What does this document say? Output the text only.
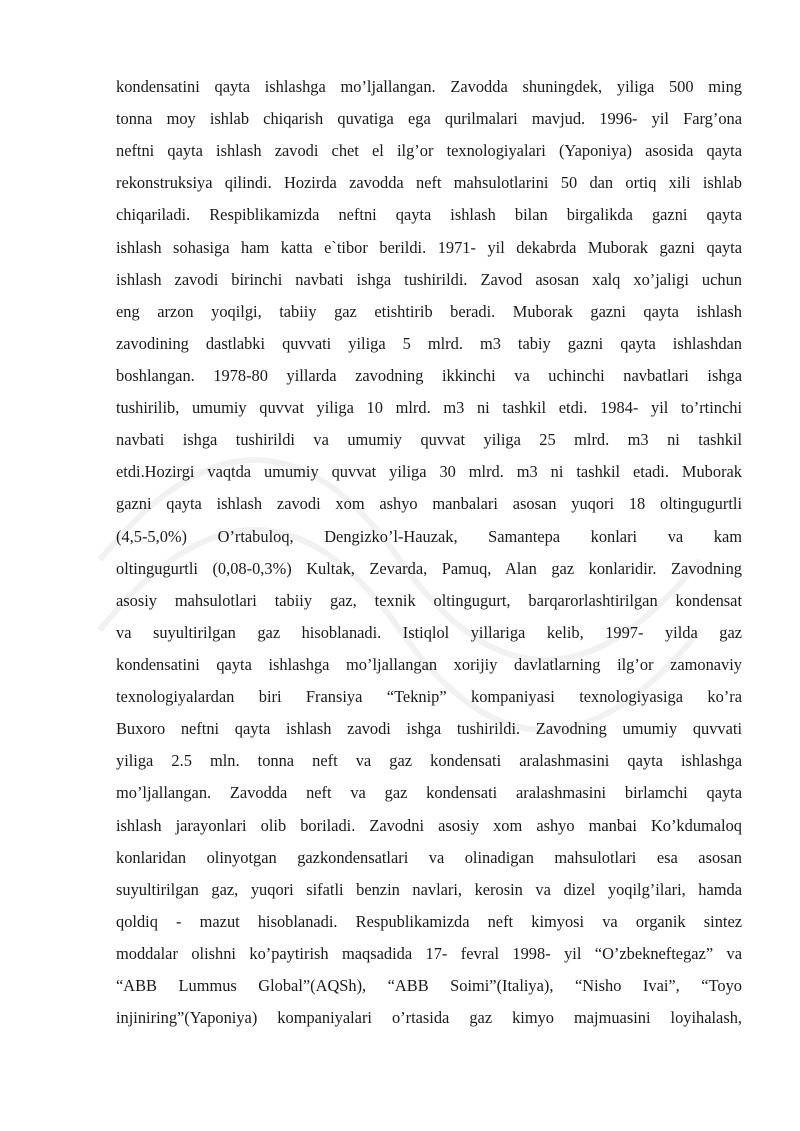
kondensatini qayta ishlashga mo’ljallangan. Zavodda shuningdek, yiliga 500 ming
tonna moy ishlab chiqarish quvatiga ega qurilmalari mavjud. 1996- yil Farg’ona
neftni qayta ishlash zavodi chet el ilg’or texnologiyalari (Yaponiya) asosida qayta
rekonstruksiya qilindi. Hozirda zavodda neft mahsulotlarini 50 dan ortiq xili ishlab
chiqariladi. Respiblikamizda neftni qayta ishlash bilan birgalikda gazni qayta
ishlash sohasiga ham katta e`tibor berildi. 1971- yil dekabrda Muborak gazni qayta
ishlash zavodi birinchi navbati ishga tushirildi. Zavod asosan xalq xo’jaligi uchun
eng arzon yoqilgi, tabiiy gaz etishtirib beradi. Muborak gazni qayta ishlash
zavodining dastlabki quvvati yiliga 5 mlrd. m3 tabiy gazni qayta ishlashdan
boshlangan. 1978-80 yillarda zavodning ikkinchi va uchinchi navbatlari ishga
tushirilib, umumiy quvvat yiliga 10 mlrd. m3 ni tashkil etdi. 1984- yil to’rtinchi
navbati ishga tushirildi va umumiy quvvat yiliga 25 mlrd. m3 ni tashkil
etdi.Hozirgi vaqtda umumiy quvvat yiliga 30 mlrd. m3 ni tashkil etadi. Muborak
gazni qayta ishlash zavodi xom ashyo manbalari asosan yuqori 18 oltingugurtli
(4,5-5,0%) O’rtabuloq, Dengizko’l-Hauzak, Samantepa konlari va kam
oltingugurtli (0,08-0,3%) Kultak, Zevarda, Pamuq, Alan gaz konlaridir. Zavodning
asosiy mahsulotlari tabiiy gaz, texnik oltingugurt, barqarorlashtirilgan kondensat
va suyultirilgan gaz hisoblanadi. Istiqlol yillariga kelib, 1997- yilda gaz
kondensatini qayta ishlashga mo’ljallangan xorijiy davlatlarning ilg’or zamonaviy
texnologiyalardan biri Fransiya “Teknip” kompaniyasi texnologiyasiga ko’ra
Buxoro neftni qayta ishlash zavodi ishga tushirildi. Zavodning umumiy quvvati
yiliga 2.5 mln. tonna neft va gaz kondensati aralashmasini qayta ishlashga
mo’ljallangan. Zavodda neft va gaz kondensati aralashmasini birlamchi qayta
ishlash jarayonlari olib boriladi. Zavodni asosiy xom ashyo manbai Ko’kdumaloq
konlaridan olinyotgan gazkondensatlari va olinadigan mahsulotlari esa asosan
suyultirilgan gaz, yuqori sifatli benzin navlari, kerosin va dizel yoqilg’ilari, hamda
qoldiq - mazut hisoblanadi. Respublikamizda neft kimyosi va organik sintez
moddalar olishni ko’paytirish maqsadida 17- fevral 1998- yil “O’zbekneftegaz” va
“ABB Lummus Global”(AQSh), “ABB Soimi”(Italiya), “Nisho Ivai”, “Toyo
injiniring”(Yaponiya) kompaniyalari o’rtasida gaz kimyo majmuasini loyihalash,
